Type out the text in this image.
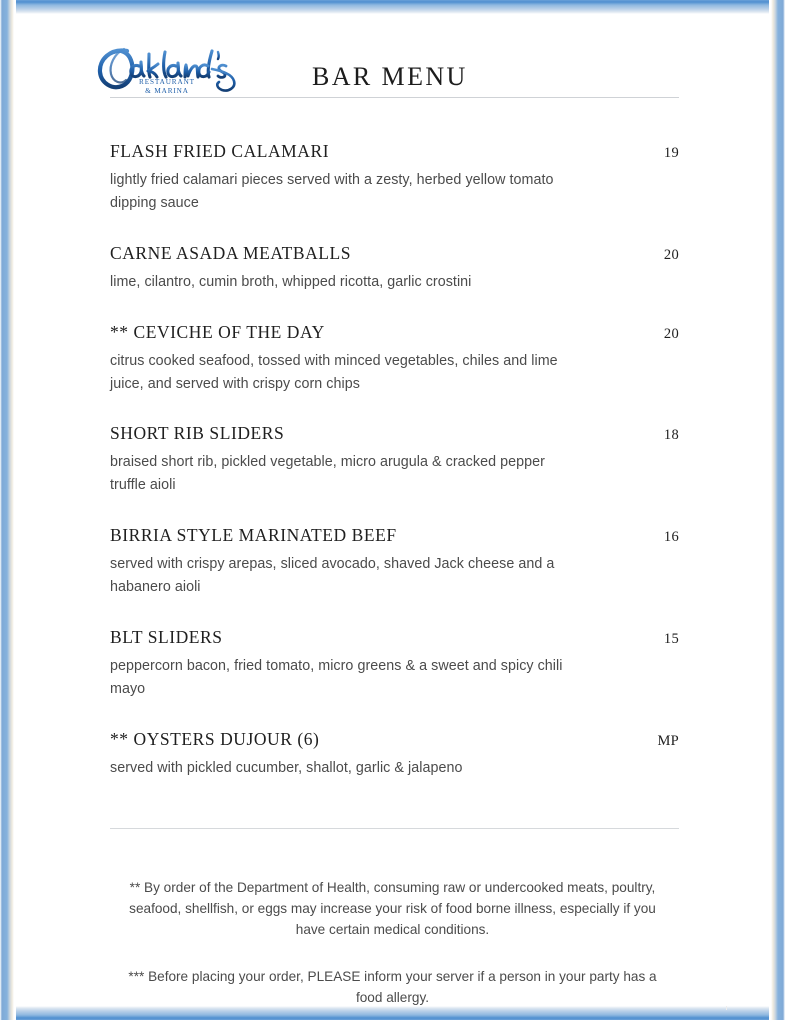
RESTAURANT
& MARINA	BAR MENU
FLASH FRIED CALAMARI	19
lightly fried calamari pieces served with a zesty, herbed yellow tomato dipping sauce
CARNE ASADA MEATBALLS	20
lime, cilantro, cumin broth, whipped ricotta, garlic crostini
** CEVICHE OF THE DAY	20
citrus cooked seafood, tossed with minced vegetables, chiles and lime juice, and served with crispy corn chips
SHORT RIB SLIDERS	18
braised short rib, pickled vegetable, micro arugula & cracked pepper truffle aioli
BIRRIA STYLE MARINATED BEEF	16
served with crispy arepas, sliced avocado, shaved Jack cheese and a habanero aioli
BLT SLIDERS	15
peppercorn bacon, fried tomato, micro greens & a sweet and spicy chili mayo
** OYSTERS DUJOUR (6)	MP
served with pickled cucumber, shallot, garlic & jalapeno

** By order of the Department of Health, consuming raw or undercooked meats, poultry, seafood, shellfish, or eggs may increase your risk of food borne illness, especially if you have certain medical conditions.

*** Before placing your order, PLEASE inform your server if a person in your party has a food allergy.
